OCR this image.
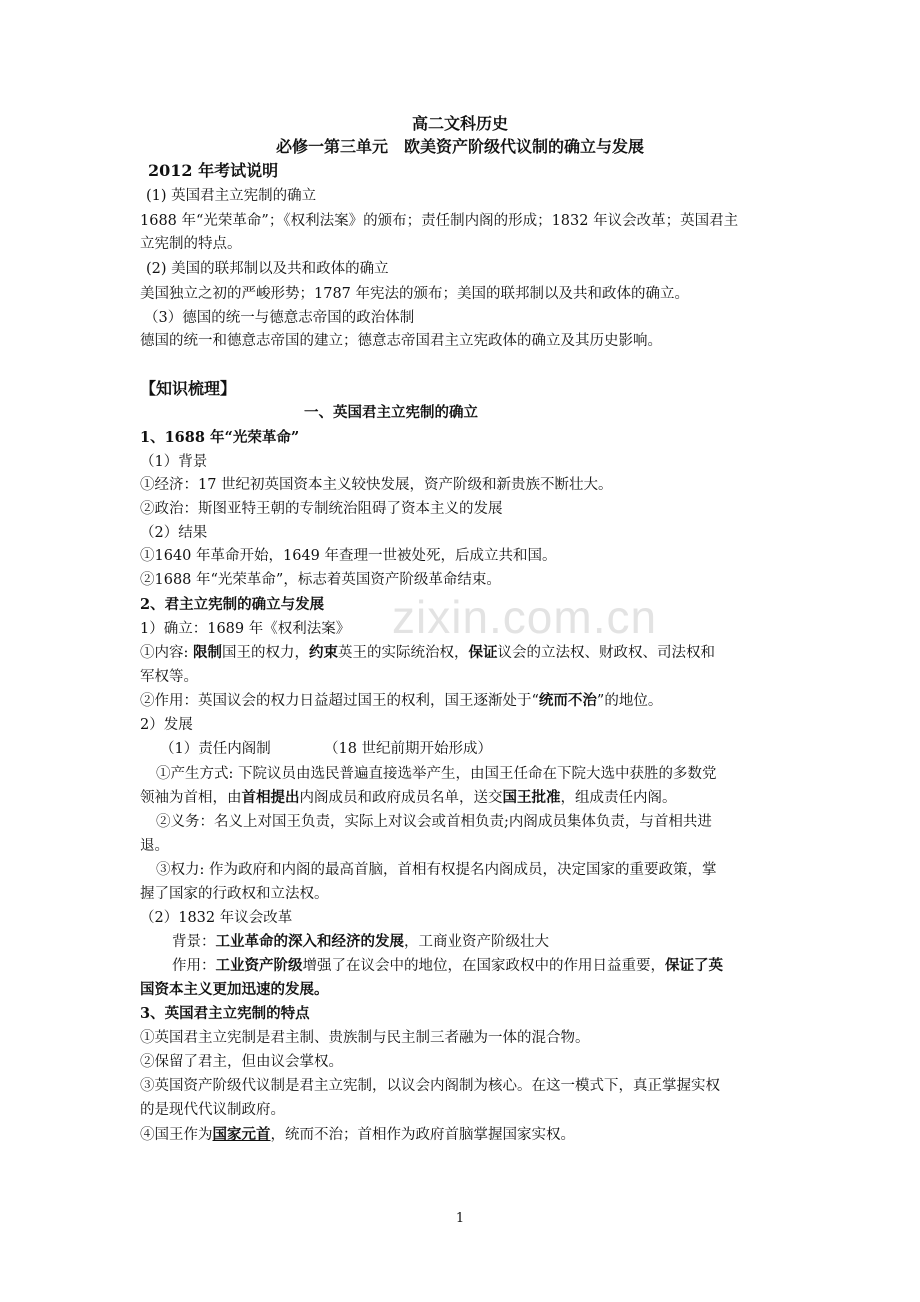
zixin.com.cn
高二文科历史
必修一第三单元　欧美资产阶级代议制的确立与发展
2012 年考试说明
(1) 英国君主立宪制的确立
1688 年“光荣革命”；《权利法案》的颁布；责任制内阁的形成；1832 年议会改革；英国君主
立宪制的特点。
(2) 美国的联邦制以及共和政体的确立
美国独立之初的严峻形势；1787 年宪法的颁布；美国的联邦制以及共和政体的确立。
（3）德国的统一与德意志帝国的政治体制
德国的统一和德意志帝国的建立；德意志帝国君主立宪政体的确立及其历史影响。
【知识梳理】
一、英国君主立宪制的确立
1、1688 年“光荣革命”
（1）背景
①经济：17 世纪初英国资本主义较快发展，资产阶级和新贵族不断壮大。
②政治：斯图亚特王朝的专制统治阻碍了资本主义的发展
（2）结果
①1640 年革命开始，1649 年查理一世被处死，后成立共和国。
②1688 年“光荣革命”，标志着英国资产阶级革命结束。
2、君主立宪制的确立与发展
1）确立：1689 年《权利法案》
①内容: 限制国王的权力，约束英王的实际统治权，保证议会的立法权、财政权、司法权和
军权等。
②作用：英国议会的权力日益超过国王的权利，国王逐渐处于“统而不治”的地位。
2）发展
（1）责任内阁制	（18 世纪前期开始形成）
①产生方式: 下院议员由选民普遍直接选举产生，由国王任命在下院大选中获胜的多数党
领袖为首相，由首相提出内阁成员和政府成员名单，送交国王批准，组成责任内阁。
②义务：名义上对国王负责，实际上对议会或首相负责;内阁成员集体负责，与首相共进
退。
③权力: 作为政府和内阁的最高首脑，首相有权提名内阁成员，决定国家的重要政策，掌
握了国家的行政权和立法权。
（2）1832 年议会改革
背景：工业革命的深入和经济的发展，工商业资产阶级壮大
作用：工业资产阶级增强了在议会中的地位，在国家政权中的作用日益重要，保证了英
国资本主义更加迅速的发展。
3、英国君主立宪制的特点
①英国君主立宪制是君主制、贵族制与民主制三者融为一体的混合物。
②保留了君主，但由议会掌权。
③英国资产阶级代议制是君主立宪制，以议会内阁制为核心。在这一模式下，真正掌握实权
的是现代代议制政府。
④国王作为国家元首，统而不治；首相作为政府首脑掌握国家实权。
1
